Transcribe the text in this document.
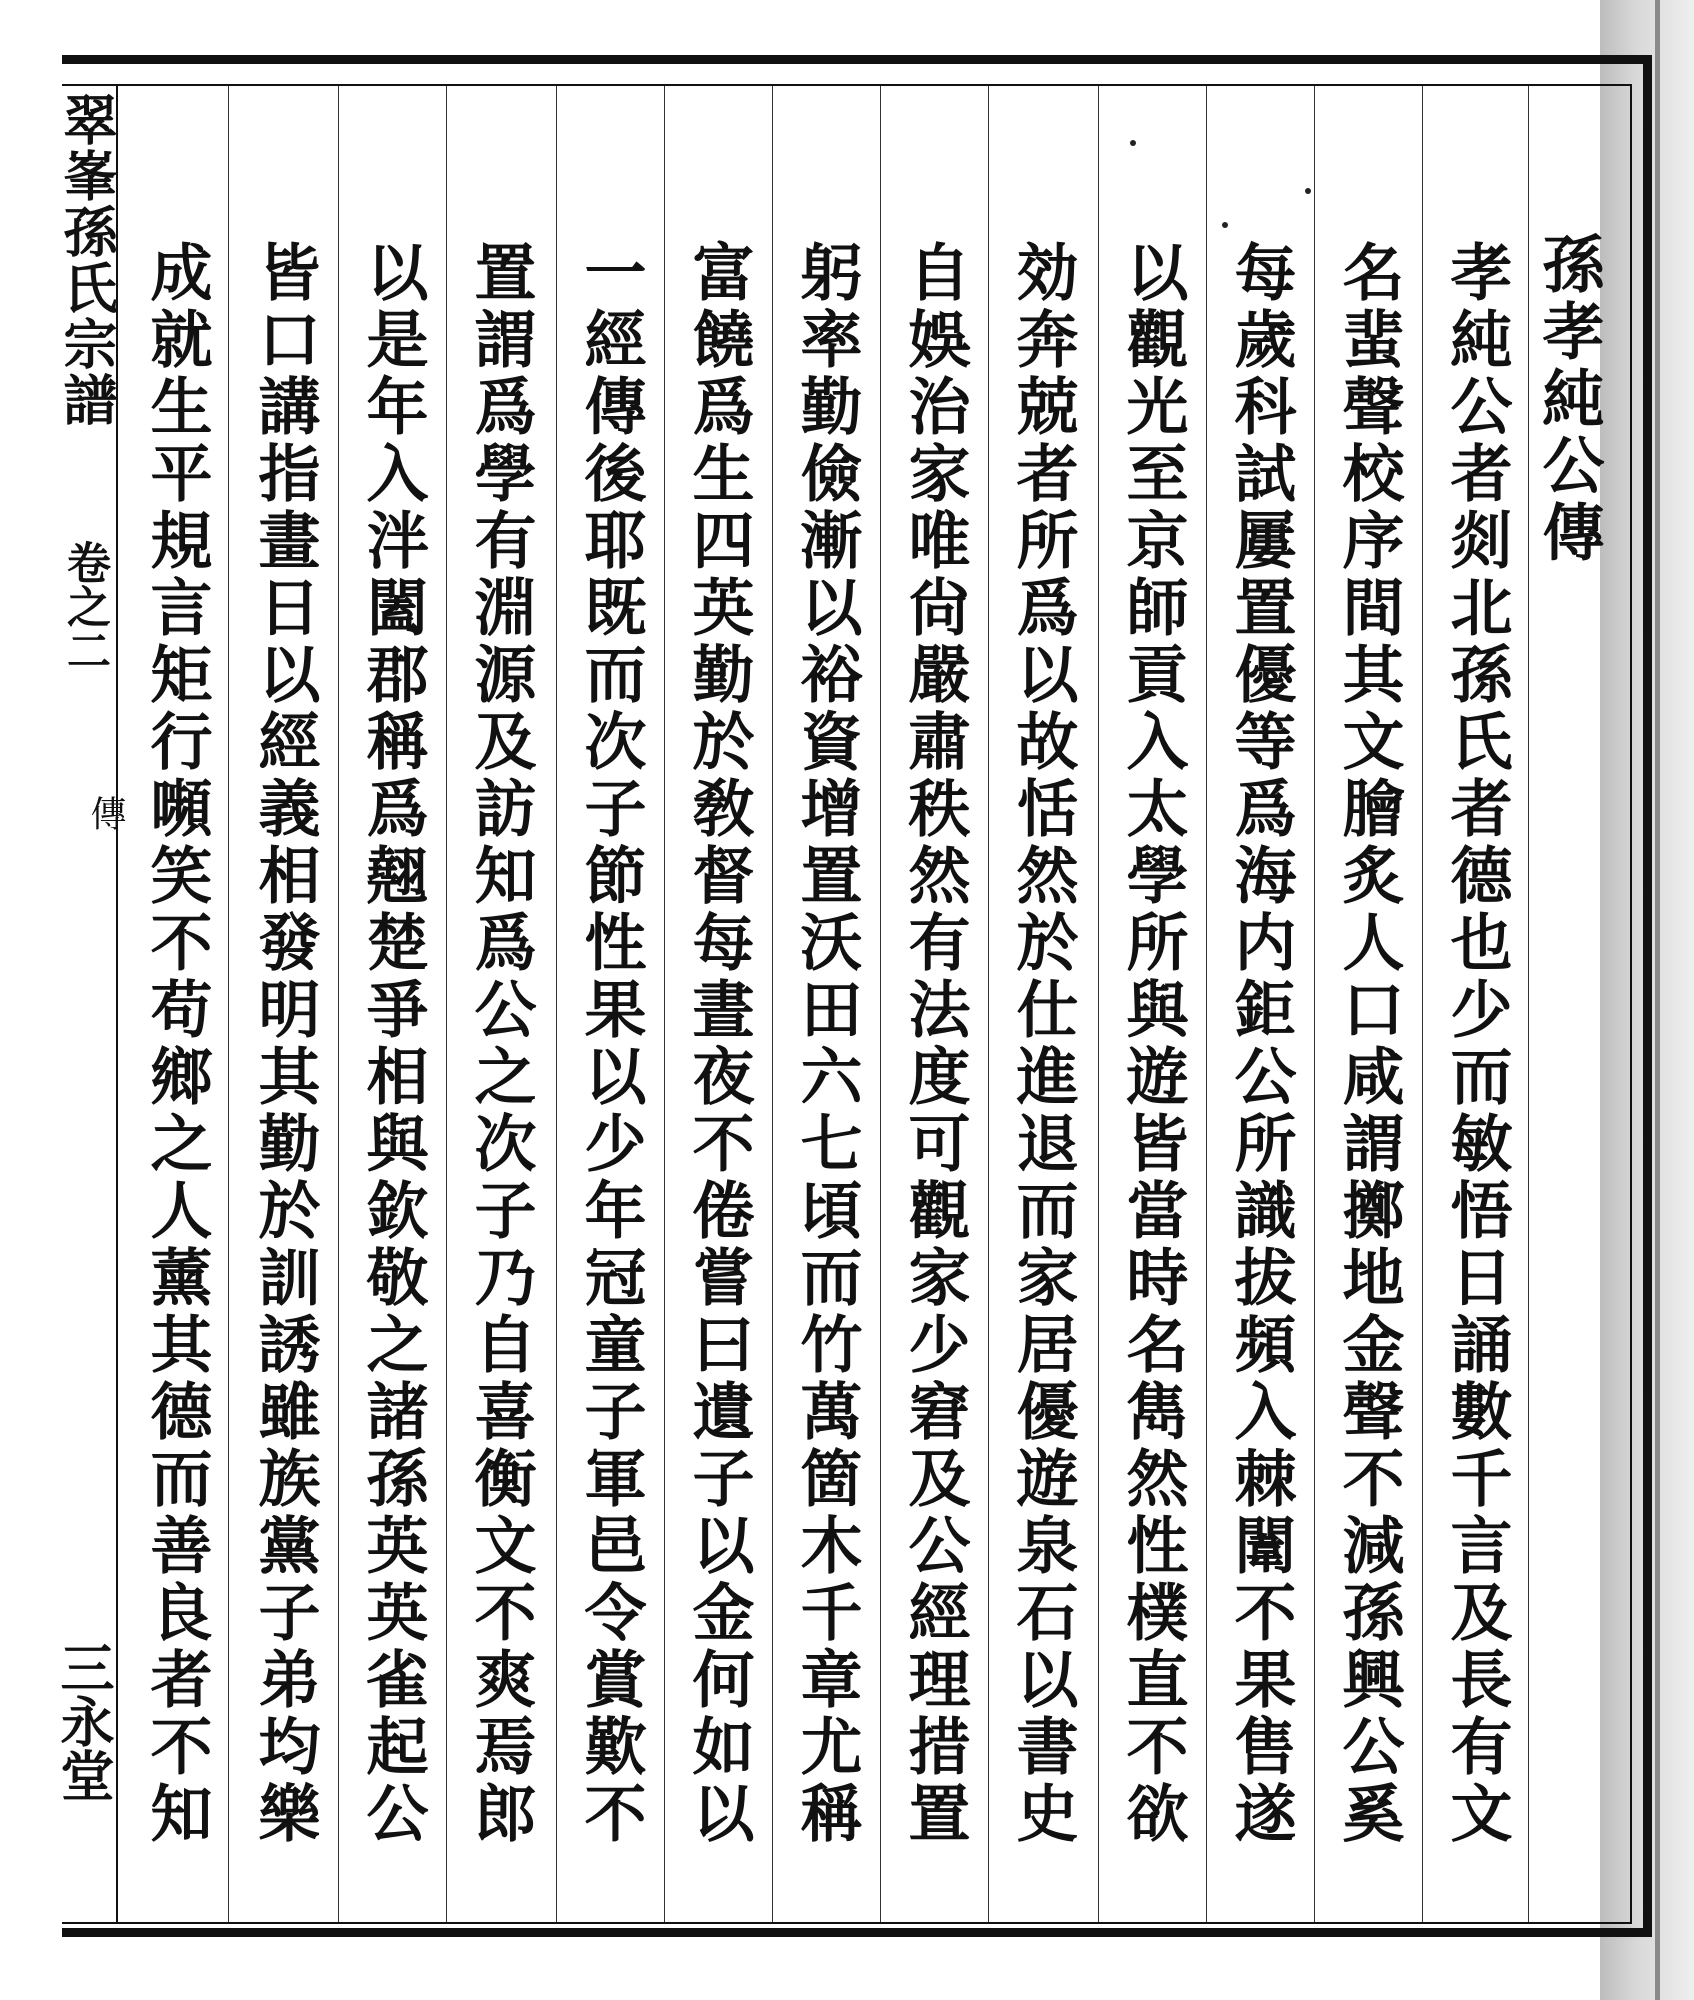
翠峯孫氏宗譜
卷之二
傳
三永堂
孫孝純公傳
孝純公者剡北孫氏者德也少而敏悟日誦數千言及長有文
名蜚聲校序間其文膾炙人口咸謂擲地金聲不減孫興公奚
每歲科試屢置優等爲海内鉅公所識拔頻入棘闈不果售遂
以觀光至京師貢入太學所與遊皆當時名雋然性樸直不欲
効奔兢者所爲以故恬然於仕進退而家居優遊泉石以書史
自娛治家唯尙嚴肅秩然有法度可觀家少窘及公經理措置
躬率勤儉漸以裕資增置沃田六七頃而竹萬箇木千章尤稱
富饒爲生四英勤於敎督每晝夜不倦嘗曰遺子以金何如以
一經傳後耶既而次子節性果以少年冠童子軍邑令賞歎不
置謂爲學有淵源及訪知爲公之次子乃自喜衡文不爽焉郎
以是年入泮闔郡稱爲翹楚爭相與欽敬之諸孫英英雀起公
皆口講指畫日以經義相發明其勤於訓誘雖族黨子弟均樂
成就生平規言矩行嚬笑不苟鄉之人薰其德而善良者不知
